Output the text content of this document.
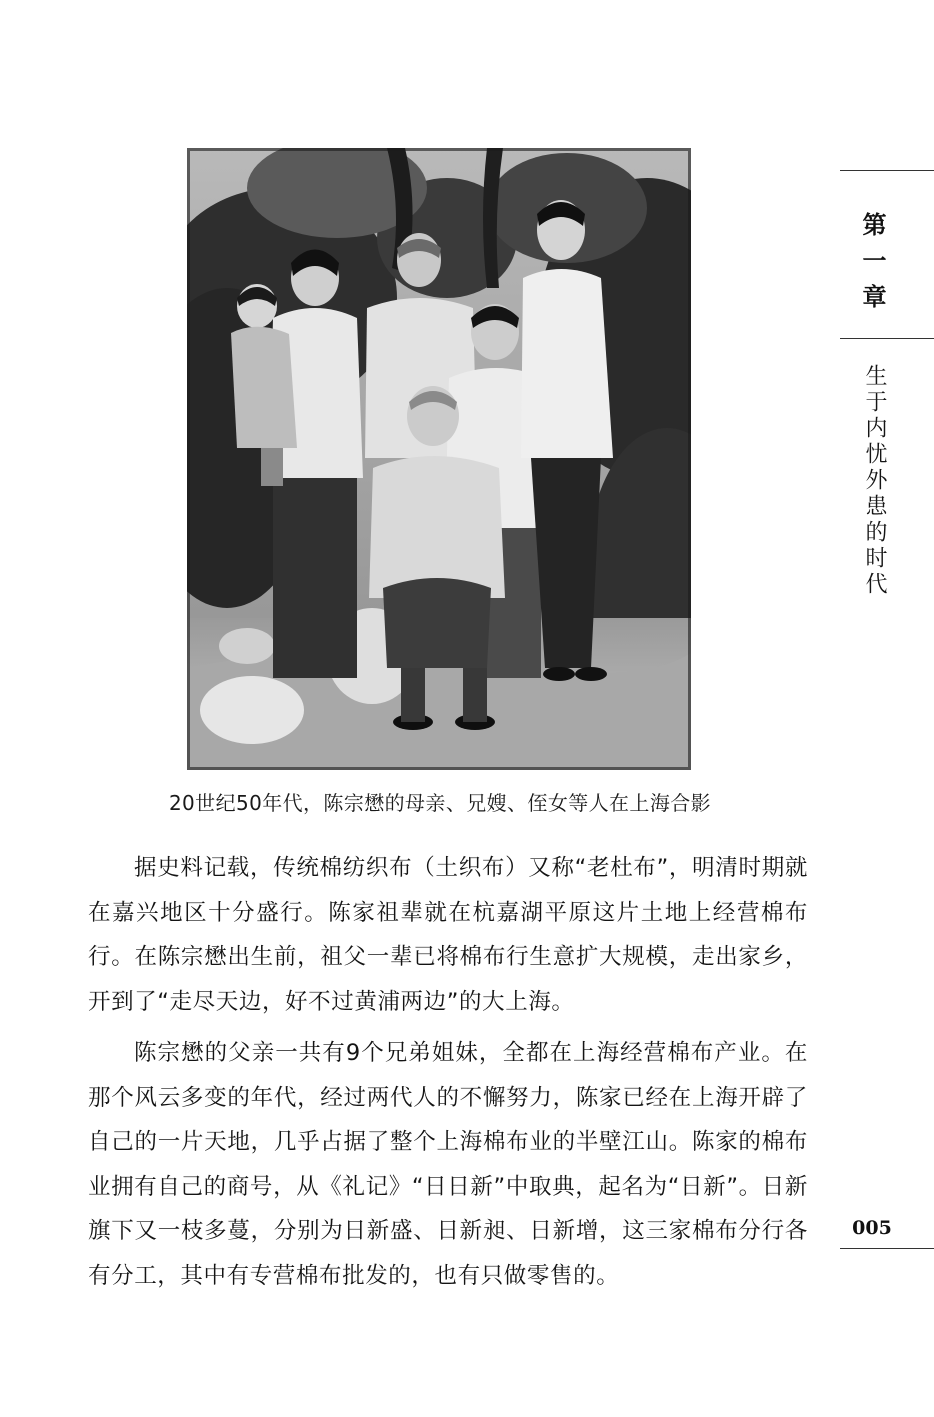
20世纪50年代，陈宗懋的母亲、兄嫂、侄女等人在上海合影

据史料记载，传统棉纺织布（土织布）又称“老杜布”，明清时期就在嘉兴地区十分盛行。陈家祖辈就在杭嘉湖平原这片土地上经营棉布行。在陈宗懋出生前，祖父一辈已将棉布行生意扩大规模，走出家乡，开到了“走尽天边，好不过黄浦两边”的大上海。

陈宗懋的父亲一共有9个兄弟姐妹，全都在上海经营棉布产业。在那个风云多变的年代，经过两代人的不懈努力，陈家已经在上海开辟了自己的一片天地，几乎占据了整个上海棉布业的半壁江山。陈家的棉布业拥有自己的商号，从《礼记》“日日新”中取典，起名为“日新”。日新旗下又一枝多蔓，分别为日新盛、日新昶、日新增，这三家棉布分行各有分工，其中有专营棉布批发的，也有只做零售的。

第一章
生于内忧外患的时代
005
